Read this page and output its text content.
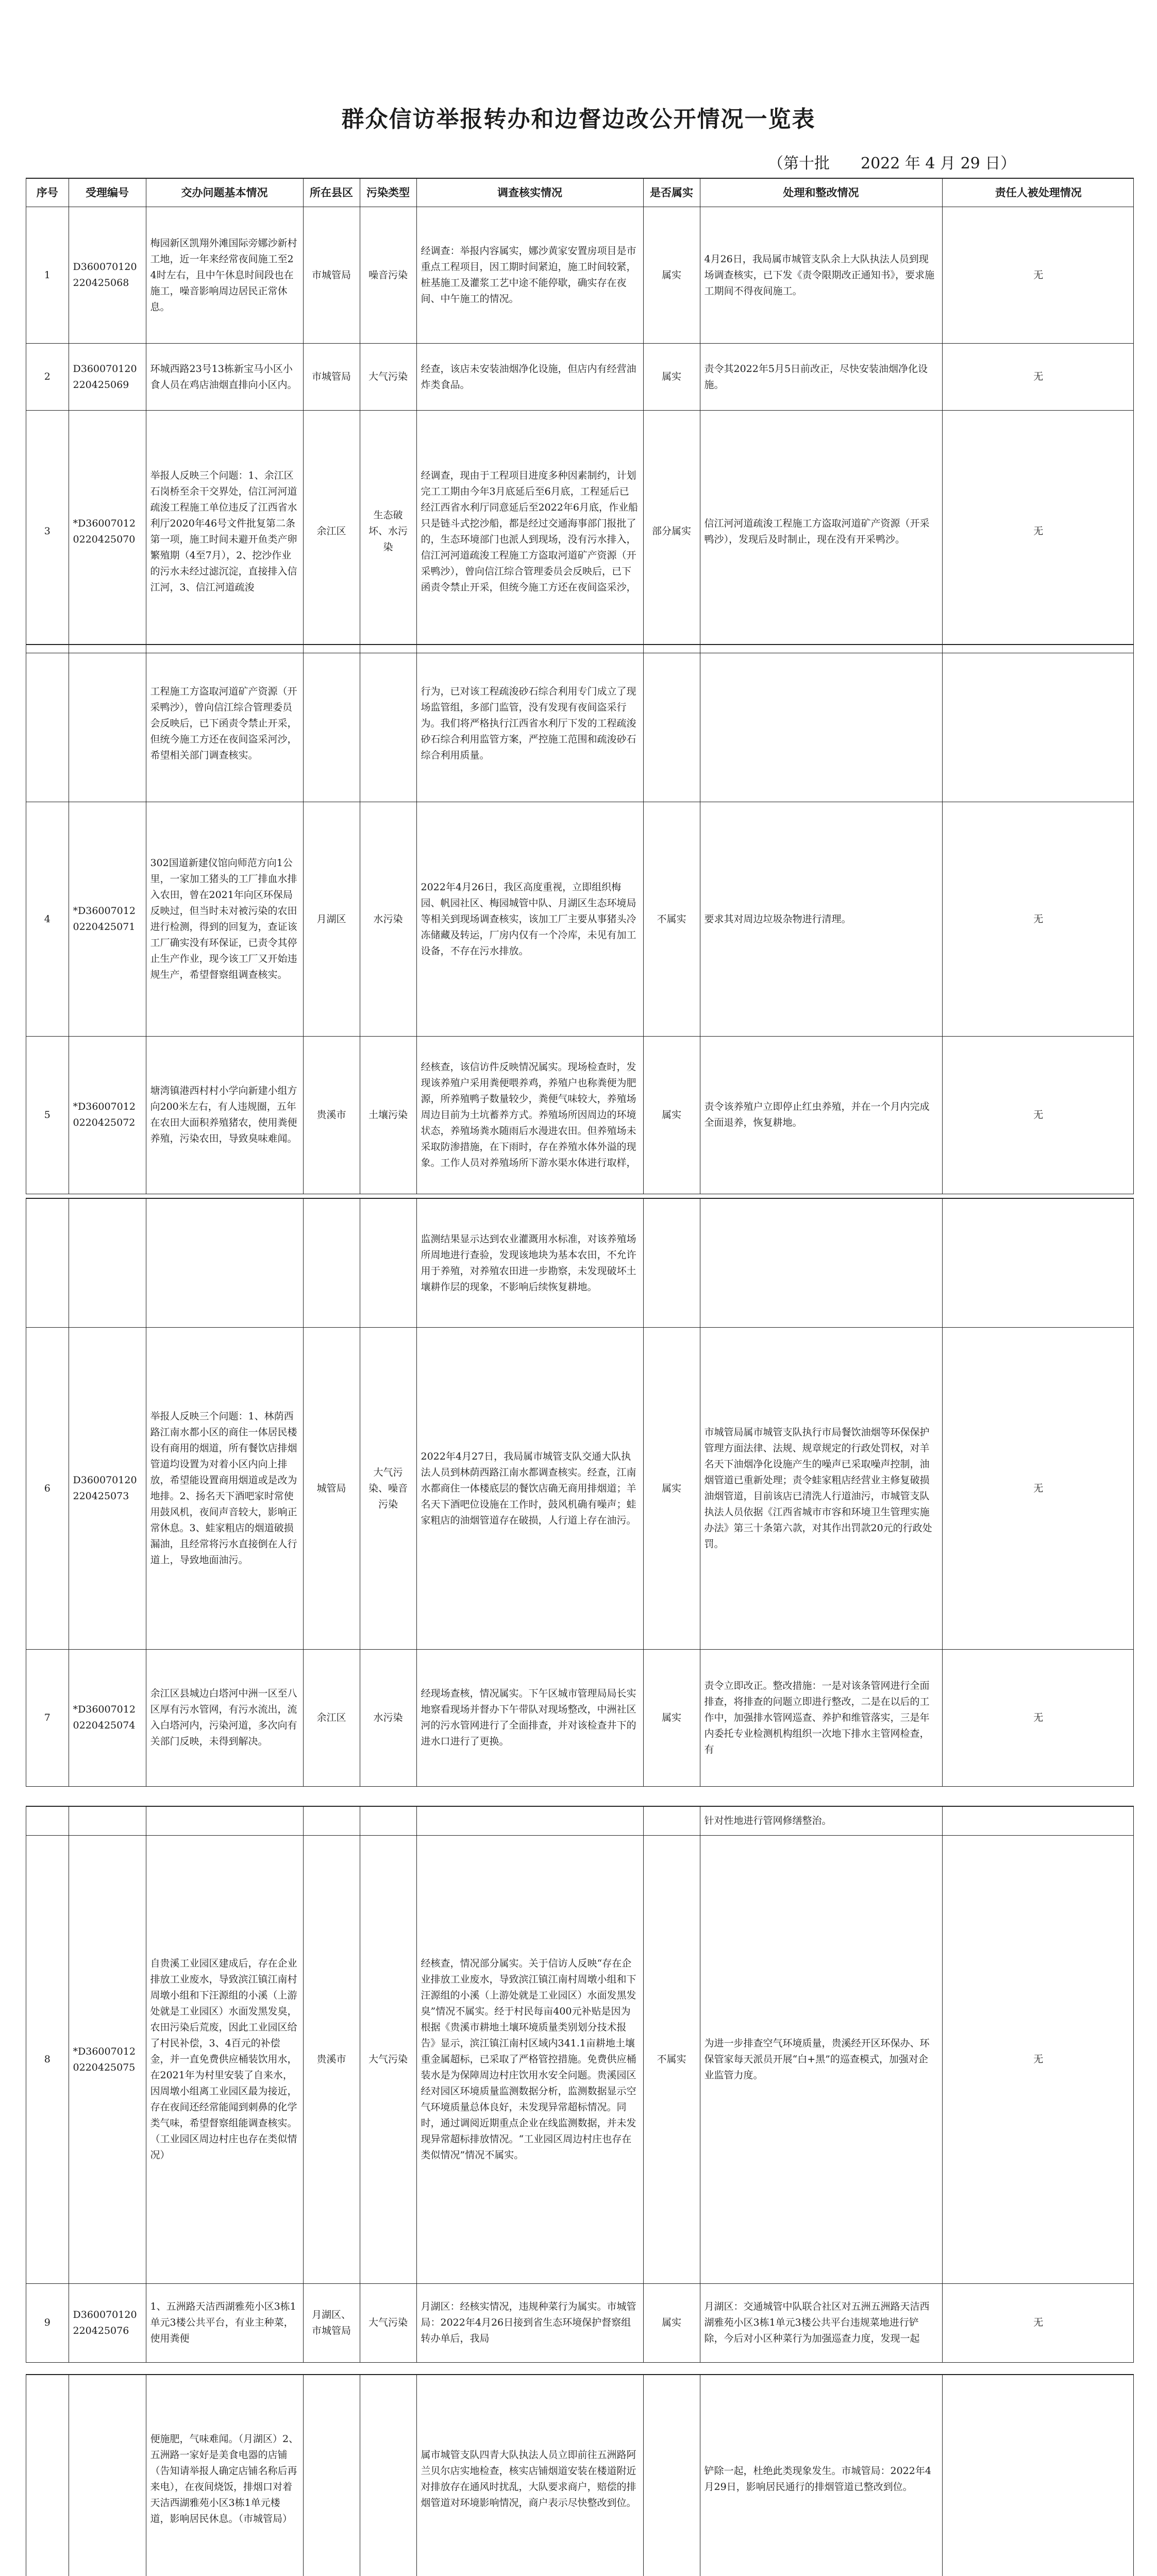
群众信访举报转办和边督边改公开情况一览表
（第十批　　2022 年 4 月 29 日）
序号	受理编号	交办问题基本情况	所在县区	污染类型	调查核实情况	是否属实	处理和整改情况	责任人被处理情况

1	D360070120220425068	梅园新区凯翔外滩国际旁娜沙新村工地，近一年来经常夜间施工至24时左右，且中午休息时间段也在施工，噪音影响周边居民正常休息。	市城管局	噪音污染	经调查：举报内容属实，娜沙黄家安置房项目是市重点工程项目，因工期时间紧迫，施工时间较紧，桩基施工及灌浆工艺中途不能停歇，确实存在夜间、中午施工的情况。	属实	4月26日，我局属市城管支队余上大队执法人员到现场调查核实，已下发《责令限期改正通知书》，要求施工期间不得夜间施工。	无

2	D360070120220425069	环城西路23号13栋新宝马小区小食人员在鸡店油烟直排向小区内。	市城管局	大气污染	经查，该店未安装油烟净化设施，但店内有经营油炸类食品。	属实	责令其2022年5月5日前改正，尽快安装油烟净化设施。	无

3	*D360070120220425070	举报人反映三个问题：1、余江区石岗桥至余干交界处，信江河河道疏浚工程施工单位违反了江西省水利厅2020年46号文件批复第二条第一项，施工时间未避开鱼类产卵繁殖期（4至7月），2、挖沙作业的污水未经过滤沉淀，直接排入信江河，3、信江河道疏浚	余江区	生态破坏、水污染	经调查，现由于工程项目进度多种因素制约，计划完工工期由今年3月底延后至6月底，工程延后已经江西省水利厅同意延后至2022年6月底，作业船只是链斗式挖沙船，都是经过交通海事部门报批了的，生态环境部门也派人到现场，没有污水排入，信江河河道疏浚工程施工方盗取河道矿产资源（开采鸭沙），曾向信江综合管理委员会反映后，已下函责令禁止开采，但统今施工方还在夜间盗采沙，	部分属实	信江河河道疏浚工程施工方盗取河道矿产资源（开采鸭沙），发现后及时制止，现在没有开采鸭沙。	无

		工程施工方盗取河道矿产资源（开采鸭沙），曾向信江综合管理委员会反映后，已下函责令禁止开采，但统今施工方还在夜间盗采河沙，希望相关部门调查核实。			行为，已对该工程疏浚砂石综合利用专门成立了现场监管组，多部门监管，没有发现有夜间盗采行为。我们将严格执行江西省水利厅下发的工程疏浚砂石综合利用监管方案，严控施工范围和疏浚砂石综合利用质量。			

4	*D360070120220425071	302国道新建仪馆向师范方向1公里，一家加工猪头的工厂排血水排入农田，曾在2021年向区环保局反映过，但当时未对被污染的农田进行检测，得到的回复为，查证该工厂确实没有环保证，已责令其停止生产作业，现今该工厂又开始违规生产，希望督察组调查核实。	月湖区	水污染	2022年4月26日，我区高度重视，立即组织梅园、帆园社区、梅园城管中队、月湖区生态环境局等相关到现场调查核实，该加工厂主要从事猪头冷冻储藏及转运，厂房内仅有一个冷库，未见有加工设备，不存在污水排放。	不属实	要求其对周边垃圾杂物进行清理。	无

5	*D360070120220425072	塘湾镇港西村村小学向新建小组方向200米左右，有人违规圈，五年在农田大面积养殖猪农，使用粪便养殖，污染农田，导致臭味难闻。	贵溪市	土壤污染	经核查，该信访件反映情况属实。现场检查时，发现该养殖户采用粪便喂养鸡，养殖户也称粪便为肥源，所养殖鸭子数量较少，粪便气味较大，养殖场周边目前为土坑蓄养方式。养殖场所因周边的环境状态，养殖场粪水随雨后水漫进农田。但养殖场未采取防渗措施，在下雨时，存在养殖水体外溢的现象。工作人员对养殖场所下游水渠水体进行取样，	属实	责令该养殖户立即停止红虫养殖，并在一个月内完成全面退养，恢复耕地。	无

					监测结果显示达到农业灌溉用水标准，对该养殖场所周地进行查验，发现该地块为基本农田，不允许用于养殖，对养殖农田进一步勘察，未发现破坏土壤耕作层的现象，不影响后续恢复耕地。			

6	D360070120220425073	举报人反映三个问题：1、林荫西路江南水都小区的商住一体居民楼设有商用的烟道，所有餐饮店排烟管道均设置为对着小区内向上排放，希望能设置商用烟道或是改为地排。2、扬名天下酒吧家时常使用鼓风机，夜间声音较大，影响正常休息。3、蛙家粗店的烟道破损漏油，且经常将污水直接倒在人行道上，导致地面油污。	城管局	大气污染、噪音污染	2022年4月27日，我局属市城管支队交通大队执法人员到林荫西路江南水都调查核实。经查，江南水都商住一体楼底层的餐饮店确无商用排烟道；羊名天下酒吧位设施在工作时，鼓风机确有噪声；蛙家粗店的油烟管道存在破损，人行道上存在油污。	属实	市城管局属市城管支队执行市局餐饮油烟等环保保护管理方面法律、法规、规章规定的行政处罚权，对羊名天下油烟净化设施产生的噪声已采取噪声控制，油烟管道已重新处理；责令蛙家粗店经营业主修复破损油烟管道，目前该店已清洗人行道油污，市城管支队执法人员依据《江西省城市市容和环境卫生管理实施办法》第三十条第六款，对其作出罚款20元的行政处罚。	无

7	*D360070120220425074	余江区县城边白塔河中洲一区至八区厚有污水管网，有污水流出，流入白塔河内，污染河道，多次向有关部门反映，未得到解决。	余江区	水污染	经现场查核，情况属实。下午区城市管理局局长实地察看现场并督办下午带队对现场整改，中洲社区河的污水管网进行了全面排查，并对该检查井下的进水口进行了更换。	属实	责令立即改正。整改措施：一是对该条管网进行全面排查，将排查的问题立即进行整改，二是在以后的工作中，加强排水管网巡查、养护和维管落实，三是年内委托专业检测机构组织一次地下排水主管网检查，有	无

							针对性地进行管网修缮整治。	

8	*D360070120220425075	自贵溪工业园区建成后，存在企业排放工业废水，导致滨江镇江南村周墩小组和下汪源组的小溪（上游处就是工业园区）水面发黑发臭，农田污染后荒废，因此工业园区给了村民补偿，3、4百元的补偿金，并一直免费供应桶装饮用水，在2021年为村里安装了自来水，因周墩小组离工业园区最为接近，存在夜间还经常能闻到刺鼻的化学类气味，希望督察组能调查核实。（工业园区周边村庄也存在类似情况）	贵溪市	大气污染	经核查，情况部分属实。关于信访人反映“存在企业排放工业废水，导致滨江镇江南村周墩小组和下汪源组的小溪（上游处就是工业园区）水面发黑发臭”情况不属实。经于村民每亩400元补贴是因为根据《贵溪市耕地土壤环境质量类别划分技术报告》显示，滨江镇江南村区域内341.1亩耕地土壤重金属超标，已采取了严格管控措施。免费供应桶装水是为保障周边村庄饮用水安全问题。贵溪园区经对园区环境质量监测数据分析，监测数据显示空气环境质量总体良好，未发现异常超标情况。同时，通过调阅近期重点企业在线监测数据，并未发现异常超标排放情况。“工业园区周边村庄也存在类似情况”情况不属实。	不属实	为进一步排查空气环境质量，贵溪经开区环保办、环保管家每天派员开展“白+黑”的巡查模式，加强对企业监管力度。	无

9	D360070120220425076	1、五洲路天洁西湖雅苑小区3栋1单元3楼公共平台，有业主种菜，使用粪便	月湖区、市城管局	大气污染	月湖区：经核实情况，违规种菜行为属实。市城管局：2022年4月26日接到省生态环境保护督察组转办单后，我局	属实	月湖区：交通城管中队联合社区对五洲五洲路天洁西湖雅苑小区3栋1单元3楼公共平台违规菜地进行铲除，今后对小区种菜行为加强巡查力度，发现一起	无

		便施肥，气味难闻。（月湖区）2、五洲路一家好是美食电器的店铺（告知请举报人确定店铺名称后再来电），在夜间烧饭，排烟口对着天洁西湖雅苑小区3栋1单元楼道，影响居民休息。（市城管局）			属市城管支队四青大队执法人员立即前往五洲路阿兰贝尔店实地检查，核实店铺烟道安装在楼道附近对排放存在通风时扰乱，大队要求商户，赔偿的排烟管道对环境影响情况，商户表示尽快整改到位。		铲除一起，杜绝此类现象发生。市城管局：2022年4月29日，影响居民通行的排烟管道已整改到位。	
